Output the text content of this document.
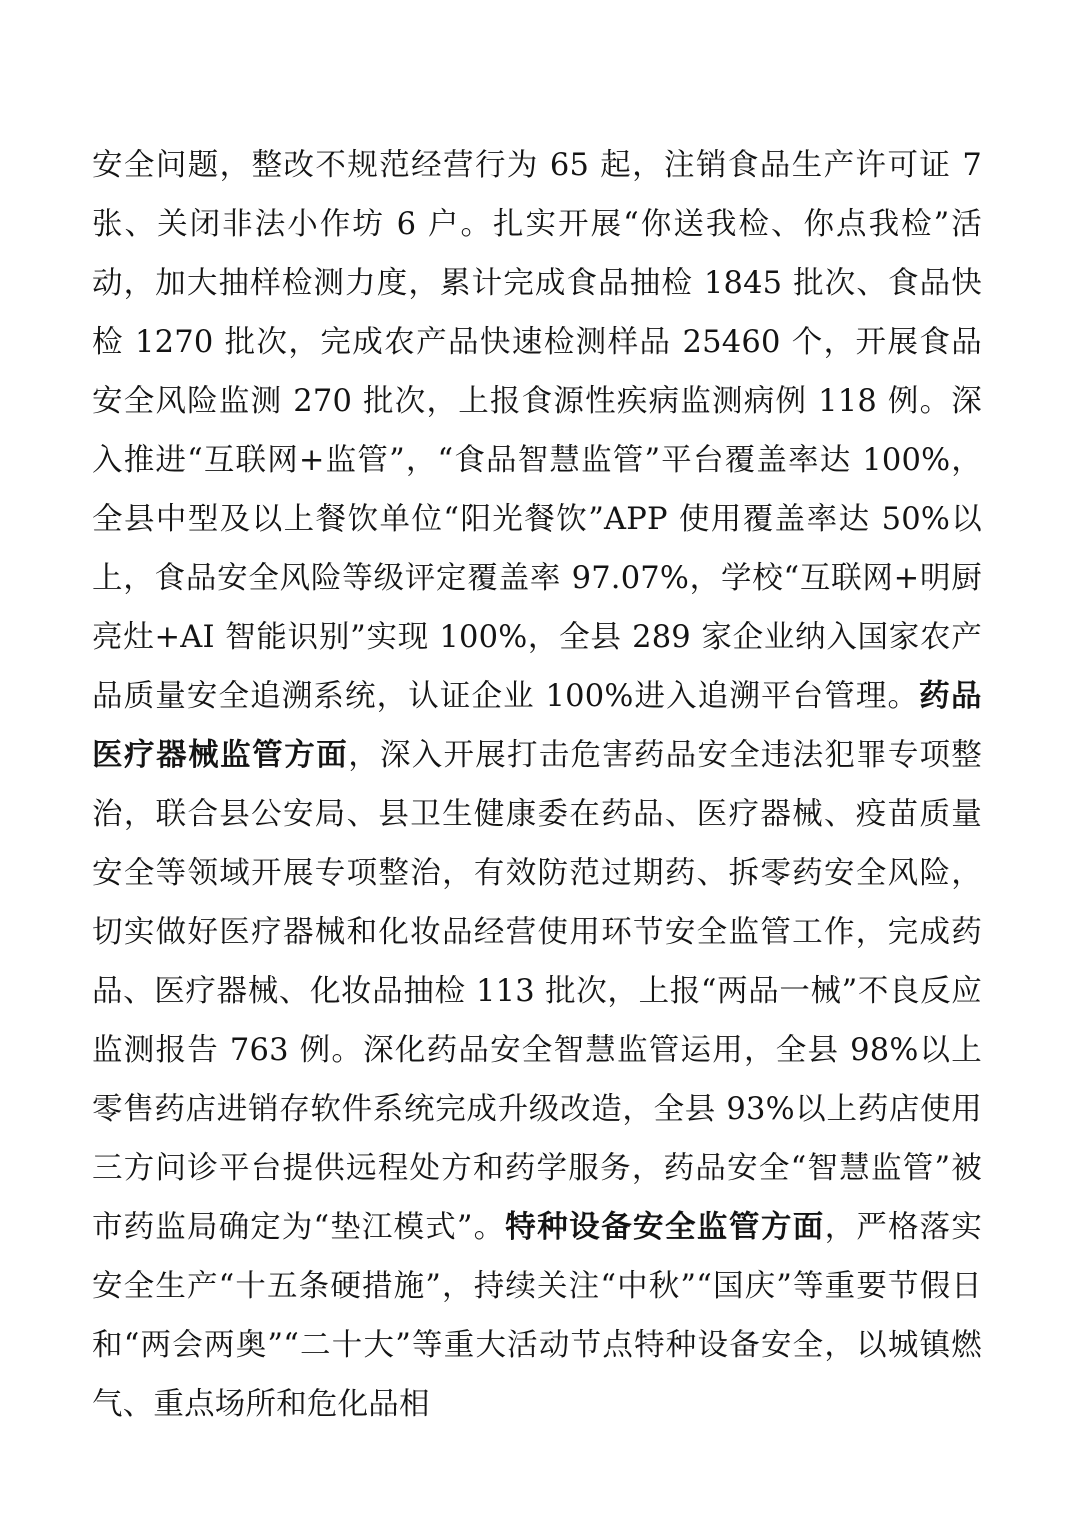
安全问题，整改不规范经营行为 65 起，注销食品生产许可证 7 张、关闭非法小作坊 6 户。扎实开展“你送我检、你点我检”活动，加大抽样检测力度，累计完成食品抽检 1845 批次、食品快检 1270 批次，完成农产品快速检测样品 25460 个，开展食品安全风险监测 270 批次，上报食源性疾病监测病例 118 例。深入推进“互联网+监管”，“食品智慧监管”平台覆盖率达 100%，全县中型及以上餐饮单位“阳光餐饮”APP 使用覆盖率达 50%以上，食品安全风险等级评定覆盖率 97.07%，学校“互联网+明厨亮灶+AI 智能识别”实现 100%，全县 289 家企业纳入国家农产品质量安全追溯系统，认证企业 100%进入追溯平台管理。药品医疗器械监管方面，深入开展打击危害药品安全违法犯罪专项整治，联合县公安局、县卫生健康委在药品、医疗器械、疫苗质量安全等领域开展专项整治，有效防范过期药、拆零药安全风险，切实做好医疗器械和化妆品经营使用环节安全监管工作，完成药品、医疗器械、化妆品抽检 113 批次，上报“两品一械”不良反应监测报告 763 例。深化药品安全智慧监管运用，全县 98%以上零售药店进销存软件系统完成升级改造，全县 93%以上药店使用三方问诊平台提供远程处方和药学服务，药品安全“智慧监管”被市药监局确定为“垫江模式”。特种设备安全监管方面，严格落实安全生产“十五条硬措施”，持续关注“中秋”“国庆”等重要节假日和“两会两奥”“二十大”等重大活动节点特种设备安全，以城镇燃气、重点场所和危化品相
